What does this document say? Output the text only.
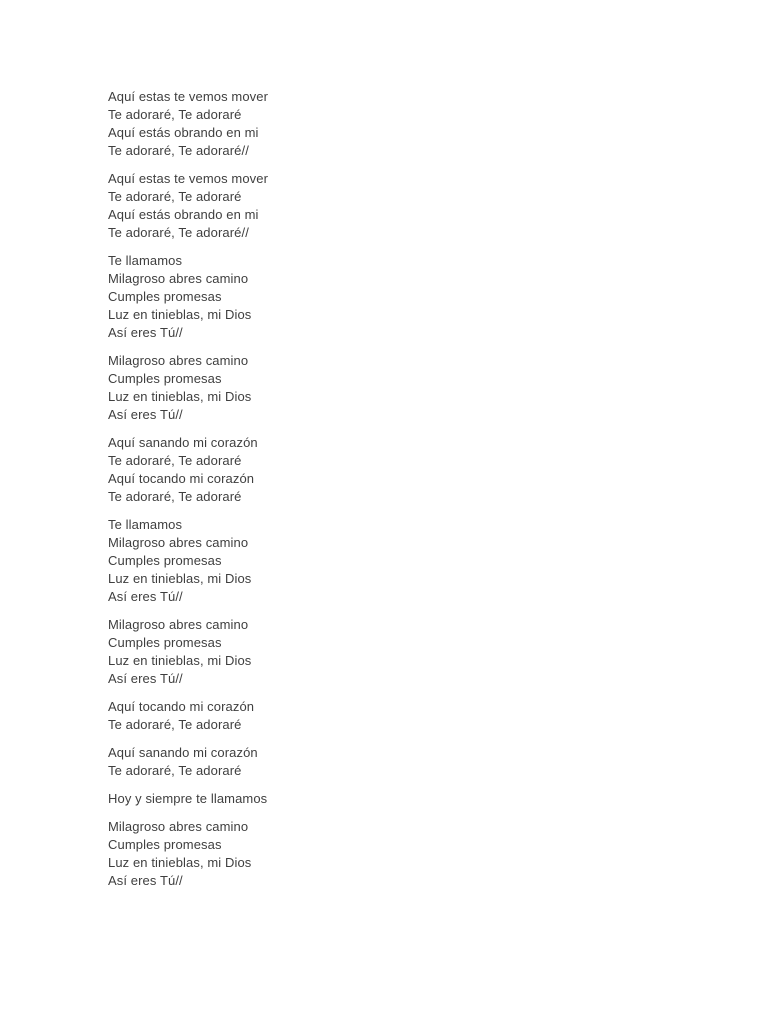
Aquí estas te vemos mover
Te adoraré, Te adoraré
Aquí estás obrando en mi
Te adoraré, Te adoraré//

Aquí estas te vemos mover
Te adoraré, Te adoraré
Aquí estás obrando en mi
Te adoraré, Te adoraré//

Te llamamos
Milagroso abres camino
Cumples promesas
Luz en tinieblas, mi Dios
Así eres Tú//

Milagroso abres camino
Cumples promesas
Luz en tinieblas, mi Dios
Así eres Tú//

Aquí sanando mi corazón
Te adoraré, Te adoraré
Aquí tocando mi corazón
Te adoraré, Te adoraré

Te llamamos
Milagroso abres camino
Cumples promesas
Luz en tinieblas, mi Dios
Así eres Tú//

Milagroso abres camino
Cumples promesas
Luz en tinieblas, mi Dios
Así eres Tú//

Aquí tocando mi corazón
Te adoraré, Te adoraré

Aquí sanando mi corazón
Te adoraré, Te adoraré

Hoy y siempre te llamamos

Milagroso abres camino
Cumples promesas
Luz en tinieblas, mi Dios
Así eres Tú//
